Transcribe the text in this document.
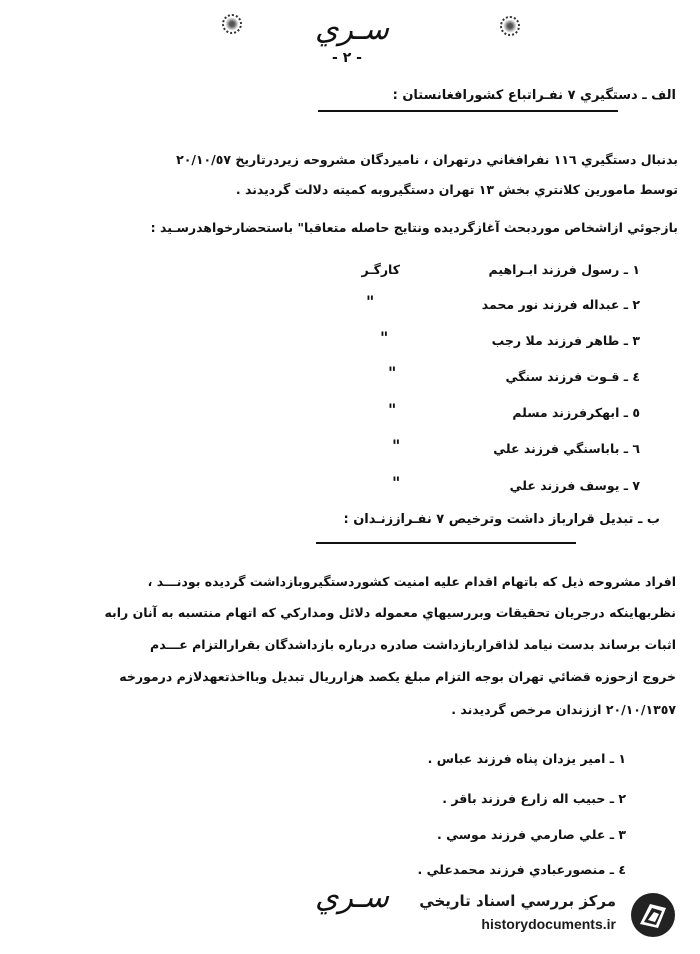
سـري
- ٢ -
الف ـ دستگيري ٧ نفـراتباع كشورافغانستان :
بدنبال دستگيري ١١٦ نفرافغاني درتهران ، ناميردگان مشروحه زيردرتاريخ ٢٠/١٠/٥٧
توسط مامورين كلانتري بخش ١٣ تهران دستگيروبه كميته دلالت گرديدند .
بازجوئي ازاشخاص موردبحث آغازگرديده ونتايج حاصله متعاقبا" باستحضارخواهدرسـيد :
١ ـ رسول فرزند ابـراهيم
كارگـر
٢ ـ عبداله فرزند نور محمد
"
٣ ـ طاهر فرزند ملا رجب
"
٤ ـ قـوت فرزند سنگي
"
٥ ـ ابهكرفرزند مسلم
"
٦ ـ باباسنگي فرزند علي
"
٧ ـ يوسف فرزند علي
"
ب ـ تبديل قرارباز داشت وترخيص ٧ نفـراززنـدان :
افراد مشروحه ذيل كه باتهام اقدام عليه امنيت كشوردستگيروبازداشت گرديده بودنـــد ،
نظربهاينكه درجريان تحقيقات وبررسيهاي معموله دلائل ومداركي كه اتهام منتسبه به آنان رابه
اثبات برساند بدست نيامد لذاقراربازداشت صادره درباره بازداشدگان بقرارالتزام عـــدم
خروج ازحوزه قضائي تهران بوجه التزام مبلغ يكصد هزارريال تبديل وبااخذتعهدلازم درمورخه
٢٠/١٠/١٣٥٧ اززندان مرخص گرديدند .
١ ـ امير يزدان پناه فرزند عباس .
٢ ـ حبيب اله زارع فرزند باقر .
٣ ـ علي صارمي فرزند موسي .
٤ ـ منصورعبادي فرزند محمدعلي .
سـري	مركز بررسي اسناد تاريخي
historydocuments.ir
